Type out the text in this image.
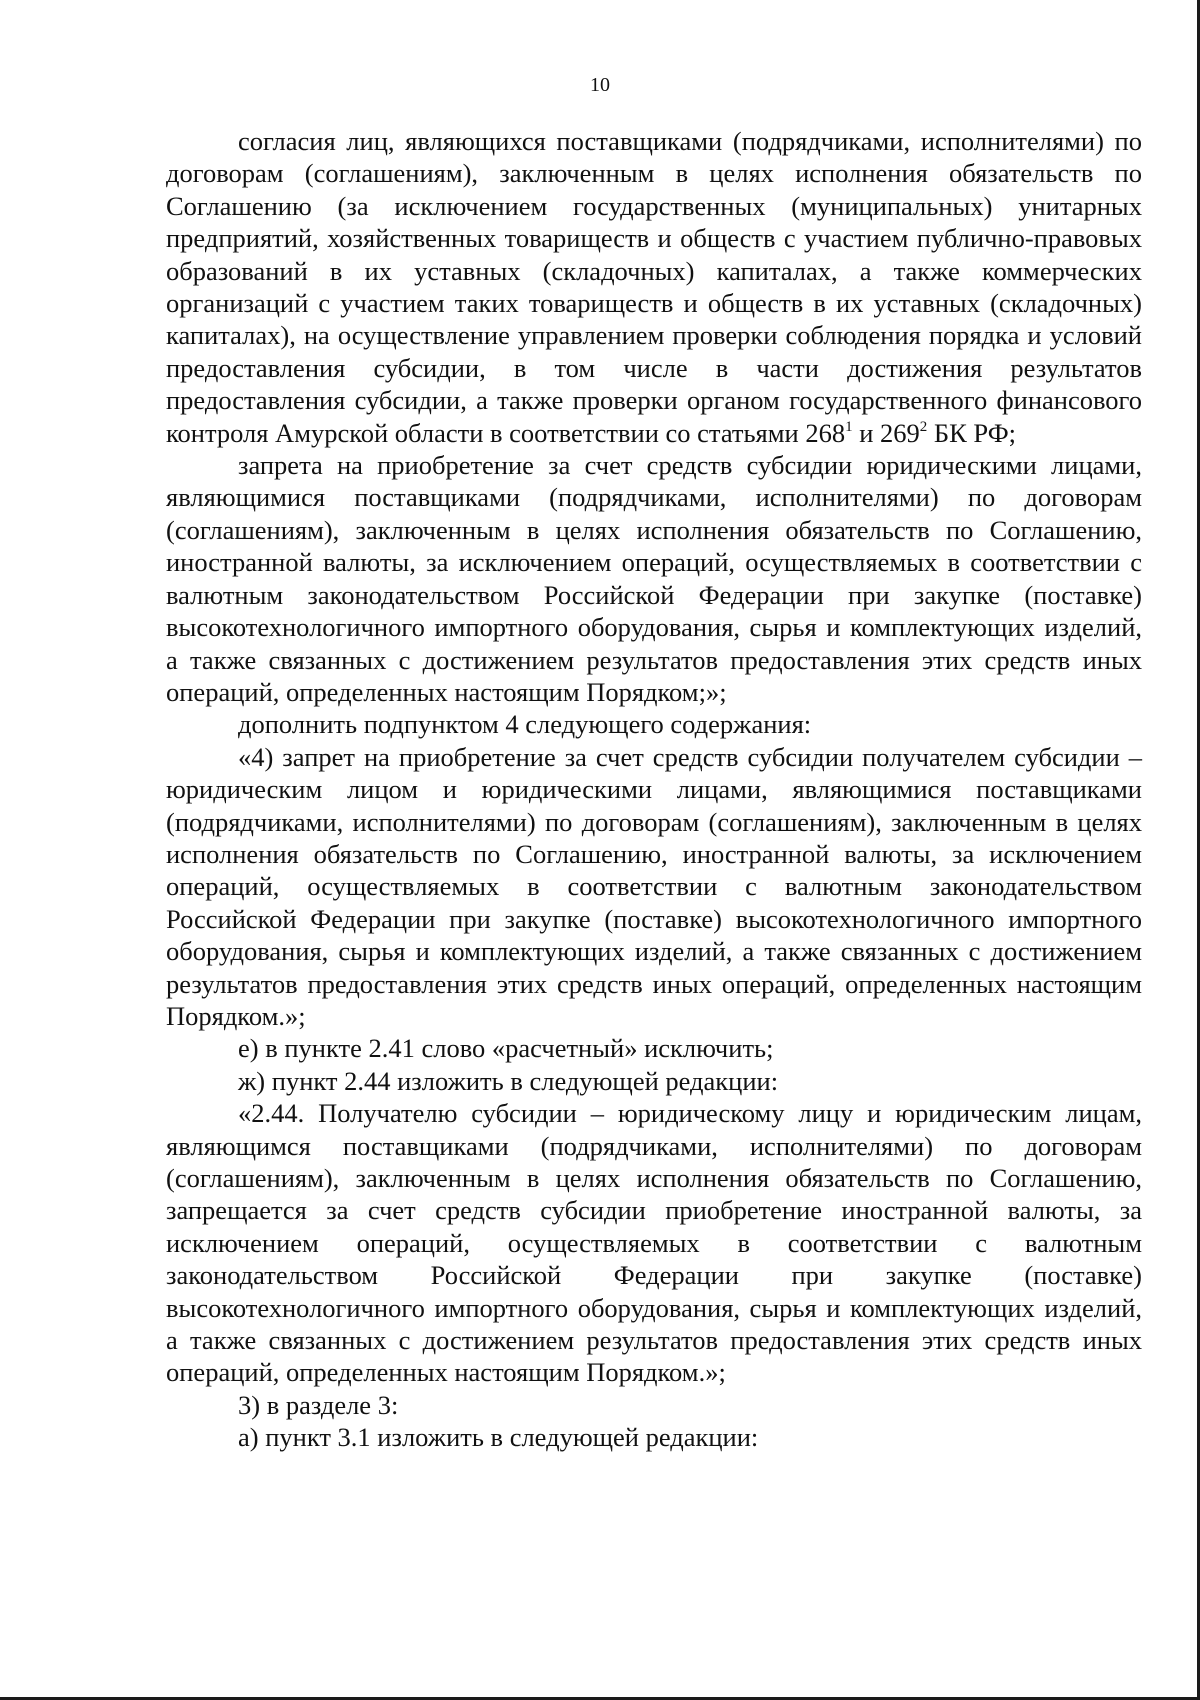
10

согласия лиц, являющихся поставщиками (подрядчиками, исполнителями) по договорам (соглашениям), заключенным в целях исполнения обязательств по Соглашению (за исключением государственных (муниципальных) унитарных предприятий, хозяйственных товариществ и обществ с участием публично-правовых образований в их уставных (складочных) капиталах, а также коммерческих организаций с участием таких товариществ и обществ в их уставных (складочных) капиталах), на осуществление управлением проверки соблюдения порядка и условий предоставления субсидии, в том числе в части достижения результатов предоставления субсидии, а также проверки органом государственного финансового контроля Амурской области в соответствии со статьями $268^1$ и $269^2$ БК РФ;

запрета на приобретение за счет средств субсидии юридическими лицами, являющимися поставщиками (подрядчиками, исполнителями) по договорам (соглашениям), заключенным в целях исполнения обязательств по Соглашению, иностранной валюты, за исключением операций, осуществляемых в соответствии с валютным законодательством Российской Федерации при закупке (поставке) высокотехнологичного импортного оборудования, сырья и комплектующих изделий, а также связанных с достижением результатов предоставления этих средств иных операций, определенных настоящим Порядком;»;

дополнить подпунктом 4 следующего содержания:

«4) запрет на приобретение за счет средств субсидии получателем субсидии – юридическим лицом и юридическими лицами, являющимися поставщиками (подрядчиками, исполнителями) по договорам (соглашениям), заключенным в целях исполнения обязательств по Соглашению, иностранной валюты, за исключением операций, осуществляемых в соответствии с валютным законодательством Российской Федерации при закупке (поставке) высокотехнологичного импортного оборудования, сырья и комплектующих изделий, а также связанных с достижением результатов предоставления этих средств иных операций, определенных настоящим Порядком.»;

е) в пункте 2.41 слово «расчетный» исключить;

ж) пункт 2.44 изложить в следующей редакции:

«2.44. Получателю субсидии – юридическому лицу и юридическим лицам, являющимся поставщиками (подрядчиками, исполнителями) по договорам (соглашениям), заключенным в целях исполнения обязательств по Соглашению, запрещается за счет средств субсидии приобретение иностранной валюты, за исключением операций, осуществляемых в соответствии с валютным законодательством Российской Федерации при закупке (поставке) высокотехнологичного импортного оборудования, сырья и комплектующих изделий, а также связанных с достижением результатов предоставления этих средств иных операций, определенных настоящим Порядком.»;

3) в разделе 3:

а) пункт 3.1 изложить в следующей редакции:
